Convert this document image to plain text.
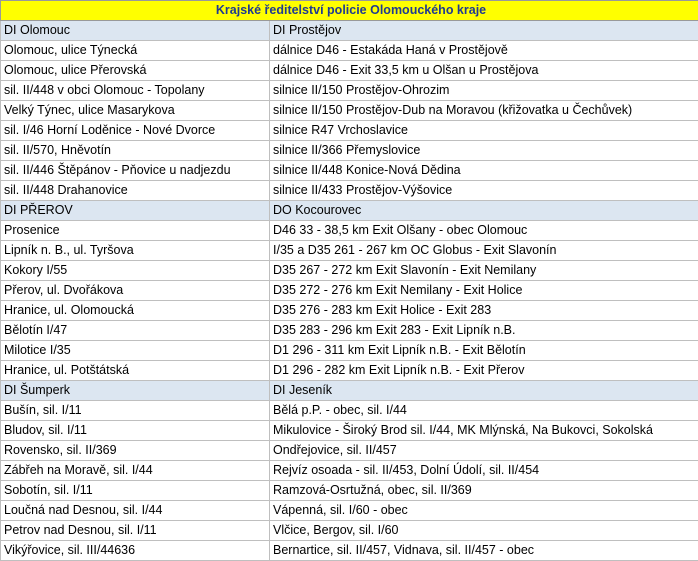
Krajské ředitelství policie Olomouckého kraje	
DI Olomouc	DI Prostějov
Olomouc, ulice Týnecká	dálnice D46 - Estakáda Haná v Prostějově
Olomouc, ulice Přerovská	dálnice D46 - Exit 33,5 km u Olšan u Prostějova
sil. II/448 v obci Olomouc - Topolany	silnice II/150 Prostějov-Ohrozim
Velký Týnec, ulice Masarykova	silnice II/150 Prostějov-Dub na Moravou (křižovatka u Čechůvek)
sil. I/46 Horní Loděnice - Nové Dvorce	silnice R47 Vrchoslavice
sil. II/570, Hněvotín	silnice II/366 Přemyslovice
sil. II/446 Štěpánov - Pňovice u nadjezdu	silnice II/448 Konice-Nová Dědina
sil. II/448 Drahanovice	silnice II/433 Prostějov-Výšovice
DI PŘEROV	DO Kocourovec
Prosenice	D46 33 - 38,5 km Exit Olšany - obec Olomouc
Lipník n. B., ul. Tyršova	I/35 a D35 261 - 267 km OC Globus - Exit Slavonín
Kokory I/55	D35 267 - 272 km Exit Slavonín - Exit Nemilany
Přerov, ul. Dvořákova	D35 272 - 276 km Exit Nemilany - Exit Holice
Hranice, ul. Olomoucká	D35 276 - 283 km Exit Holice - Exit 283
Bělotín I/47	D35 283 - 296 km Exit 283 - Exit Lipník n.B.
Milotice I/35	D1 296 - 311 km Exit Lipník n.B. - Exit Bělotín
Hranice, ul. Potštátská	D1 296 - 282 km Exit Lipník n.B. - Exit Přerov
DI Šumperk	DI Jeseník
Bušín, sil. I/11	Bělá p.P. - obec, sil. I/44
Bludov, sil. I/11	Mikulovice - Široký Brod sil. I/44, MK Mlýnská, Na Bukovci, Sokolská
Rovensko, sil. II/369	Ondřejovice, sil. II/457
Zábřeh na Moravě, sil. I/44	Rejvíz osoada - sil. II/453, Dolní Údolí, sil. II/454
Sobotín, sil. I/11	Ramzová-Osrtužná, obec, sil. II/369
Loučná nad Desnou, sil. I/44	Vápenná, sil. I/60 - obec
Petrov nad Desnou, sil. I/11	Vlčice, Bergov, sil. I/60
Vikýřovice, sil. III/44636	Bernartice, sil. II/457, Vidnava, sil. II/457 - obec
